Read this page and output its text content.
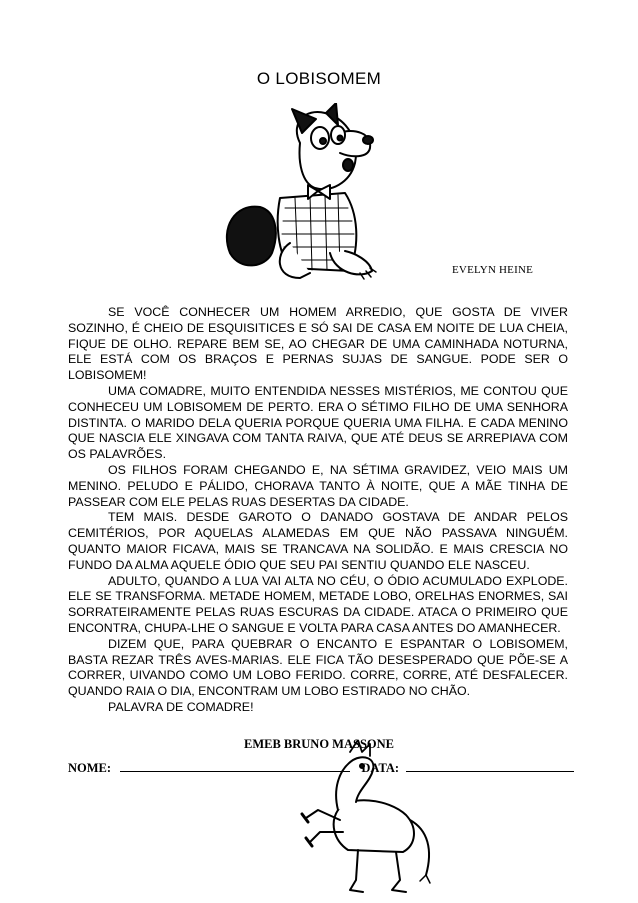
O LOBISOMEM
EVELYN HEINE

SE VOCÊ CONHECER UM HOMEM ARREDIO, QUE GOSTA DE VIVER SOZINHO, É CHEIO DE ESQUISITICES E SÓ SAI DE CASA EM NOITE DE LUA CHEIA, FIQUE DE OLHO. REPARE BEM SE, AO CHEGAR DE UMA CAMINHADA NOTURNA, ELE ESTÁ COM OS BRAÇOS E PERNAS SUJAS DE SANGUE. PODE SER O LOBISOMEM!

UMA COMADRE, MUITO ENTENDIDA NESSES MISTÉRIOS, ME CONTOU QUE CONHECEU UM LOBISOMEM DE PERTO. ERA O SÉTIMO FILHO DE UMA SENHORA DISTINTA. O MARIDO DELA QUERIA PORQUE QUERIA UMA FILHA. E CADA MENINO QUE NASCIA ELE XINGAVA COM TANTA RAIVA, QUE ATÉ DEUS SE ARREPIAVA COM OS PALAVRÕES.

OS FILHOS FORAM CHEGANDO E, NA SÉTIMA GRAVIDEZ, VEIO MAIS UM MENINO. PELUDO E PÁLIDO, CHORAVA TANTO À NOITE, QUE A MÃE TINHA DE PASSEAR COM ELE PELAS RUAS DESERTAS DA CIDADE.

TEM MAIS. DESDE GAROTO O DANADO GOSTAVA DE ANDAR PELOS CEMITÉRIOS, POR AQUELAS ALAMEDAS EM QUE NÃO PASSAVA NINGUÉM. QUANTO MAIOR FICAVA, MAIS SE TRANCAVA NA SOLIDÃO. E MAIS CRESCIA NO FUNDO DA ALMA AQUELE ÓDIO QUE SEU PAI SENTIU QUANDO ELE NASCEU.

ADULTO, QUANDO A LUA VAI ALTA NO CÉU, O ÓDIO ACUMULADO EXPLODE. ELE SE TRANSFORMA. METADE HOMEM, METADE LOBO, ORELHAS ENORMES, SAI SORRATEIRAMENTE PELAS RUAS ESCURAS DA CIDADE. ATACA O PRIMEIRO QUE ENCONTRA, CHUPA-LHE O SANGUE E VOLTA PARA CASA ANTES DO AMANHECER.

DIZEM QUE, PARA QUEBRAR O ENCANTO E ESPANTAR O LOBISOMEM, BASTA REZAR TRÊS AVES-MARIAS. ELE FICA TÃO DESESPERADO QUE PÕE-SE A CORRER, UIVANDO COMO UM LOBO FERIDO. CORRE, CORRE, ATÉ DESFALECER. QUANDO RAIA O DIA, ENCONTRAM UM LOBO ESTIRADO NO CHÃO.

PALAVRA DE COMADRE!

EMEB BRUNO MASSONE
NOME:	DATA:
